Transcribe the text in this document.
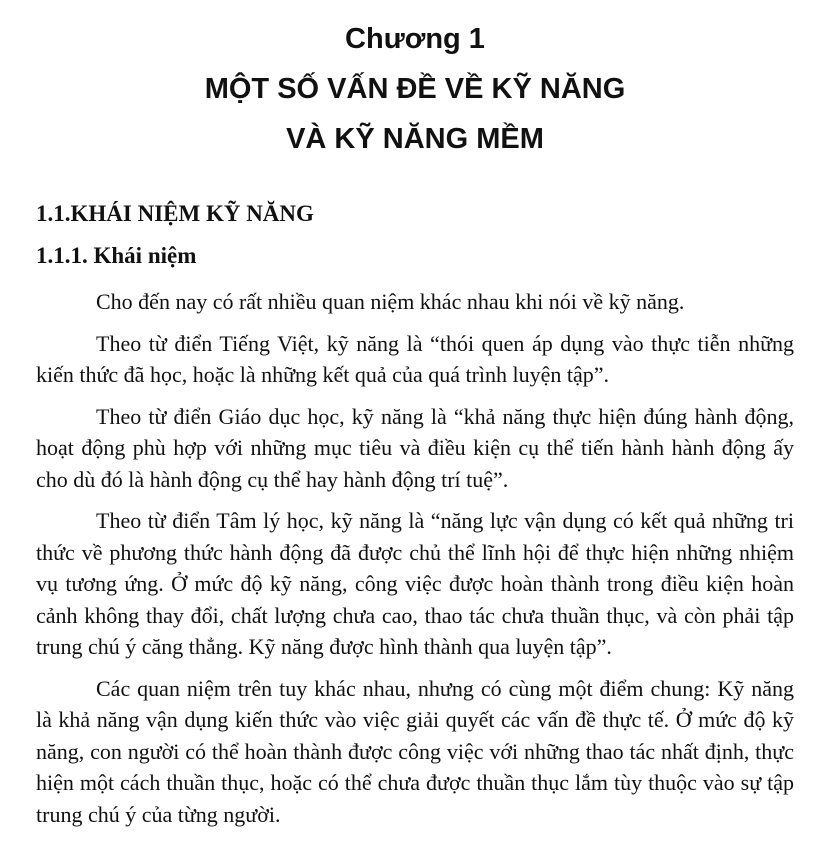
Chương 1
MỘT SỐ VẤN ĐỀ VỀ KỸ NĂNG
VÀ KỸ NĂNG MỀM
1.1.KHÁI NIỆM KỸ NĂNG
1.1.1. Khái niệm

Cho đến nay có rất nhiều quan niệm khác nhau khi nói về kỹ năng.

Theo từ điển Tiếng Việt, kỹ năng là “thói quen áp dụng vào thực tiễn những kiến thức đã học, hoặc là những kết quả của quá trình luyện tập”.

Theo từ điển Giáo dục học, kỹ năng là “khả năng thực hiện đúng hành động, hoạt động phù hợp với những mục tiêu và điều kiện cụ thể tiến hành hành động ấy cho dù đó là hành động cụ thể hay hành động trí tuệ”.

Theo từ điển Tâm lý học, kỹ năng là “năng lực vận dụng có kết quả những tri thức về phương thức hành động đã được chủ thể lĩnh hội để thực hiện những nhiệm vụ tương ứng. Ở mức độ kỹ năng, công việc được hoàn thành trong điều kiện hoàn cảnh không thay đổi, chất lượng chưa cao, thao tác chưa thuần thục, và còn phải tập trung chú ý căng thẳng. Kỹ năng được hình thành qua luyện tập”.

Các quan niệm trên tuy khác nhau, nhưng có cùng một điểm chung: Kỹ năng là khả năng vận dụng kiến thức vào việc giải quyết các vấn đề thực tế. Ở mức độ kỹ năng, con người có thể hoàn thành được công việc với những thao tác nhất định, thực hiện một cách thuần thục, hoặc có thể chưa được thuần thục lắm tùy thuộc vào sự tập trung chú ý của từng người.
